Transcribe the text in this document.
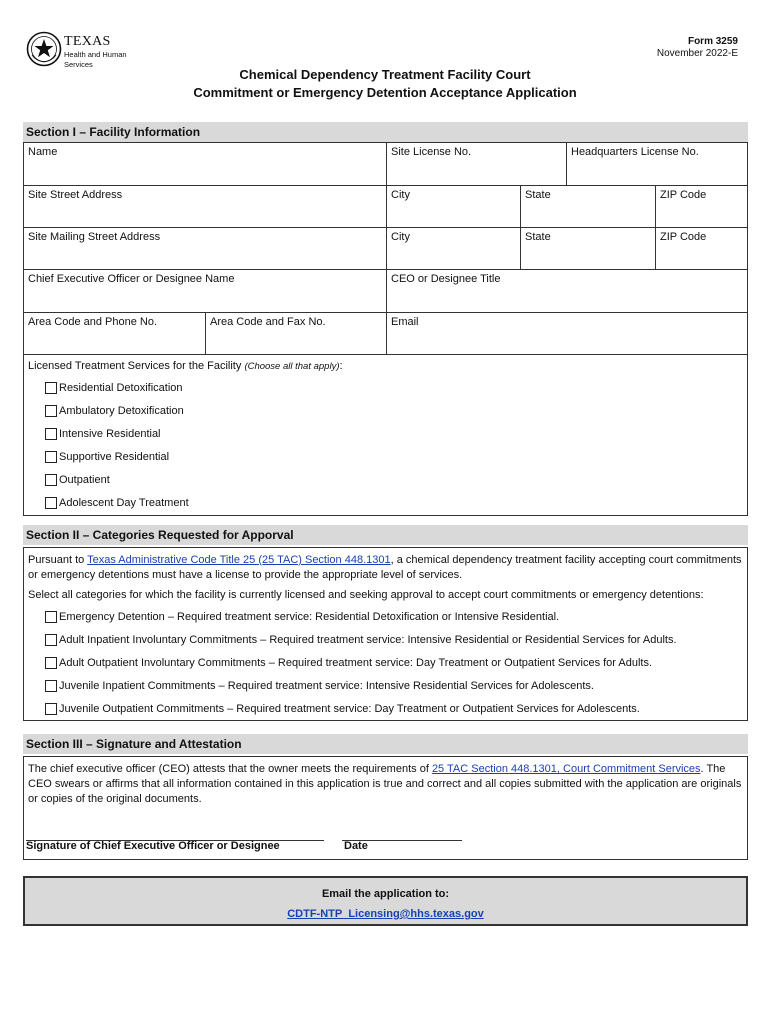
TEXAS
Health and Human
Services
Form 3259
November 2022-E
Chemical Dependency Treatment Facility Court
Commitment or Emergency Detention Acceptance Application
Section I – Facility Information
Name	Site License No.	Headquarters License No.
Site Street Address	City	State	ZIP Code
Site Mailing Street Address	City	State	ZIP Code
Chief Executive Officer or Designee Name	CEO or Designee Title
Area Code and Phone No.	Area Code and Fax No.	Email
Licensed Treatment Services for the Facility (Choose all that apply):
Residential Detoxification
Ambulatory Detoxification
Intensive Residential
Supportive Residential
Outpatient
Adolescent Day Treatment
Section II – Categories Requested for Apporval

Pursuant to Texas Administrative Code Title 25 (25 TAC) Section 448.1301, a chemical dependency treatment facility accepting court commitments or emergency detentions must have a license to provide the appropriate level of services.

Select all categories for which the facility is currently licensed and seeking approval to accept court commitments or emergency detentions:

Emergency Detention – Required treatment service: Residential Detoxification or Intensive Residential.
Adult Inpatient Involuntary Commitments – Required treatment service: Intensive Residential or Residential Services for Adults.
Adult Outpatient Involuntary Commitments – Required treatment service: Day Treatment or Outpatient Services for Adults.
Juvenile Inpatient Commitments – Required treatment service: Intensive Residential Services for Adolescents.
Juvenile Outpatient Commitments – Required treatment service: Day Treatment or Outpatient Services for Adolescents.
Section III – Signature and Attestation

The chief executive officer (CEO) attests that the owner meets the requirements of 25 TAC Section 448.1301, Court Commitment Services. The CEO swears or affirms that all information contained in this application is true and correct and all copies submitted with the application are originals or copies of the original documents.

Signature of Chief Executive Officer or Designee	Date
Email the application to:
CDTF-NTP_Licensing@hhs.texas.gov
